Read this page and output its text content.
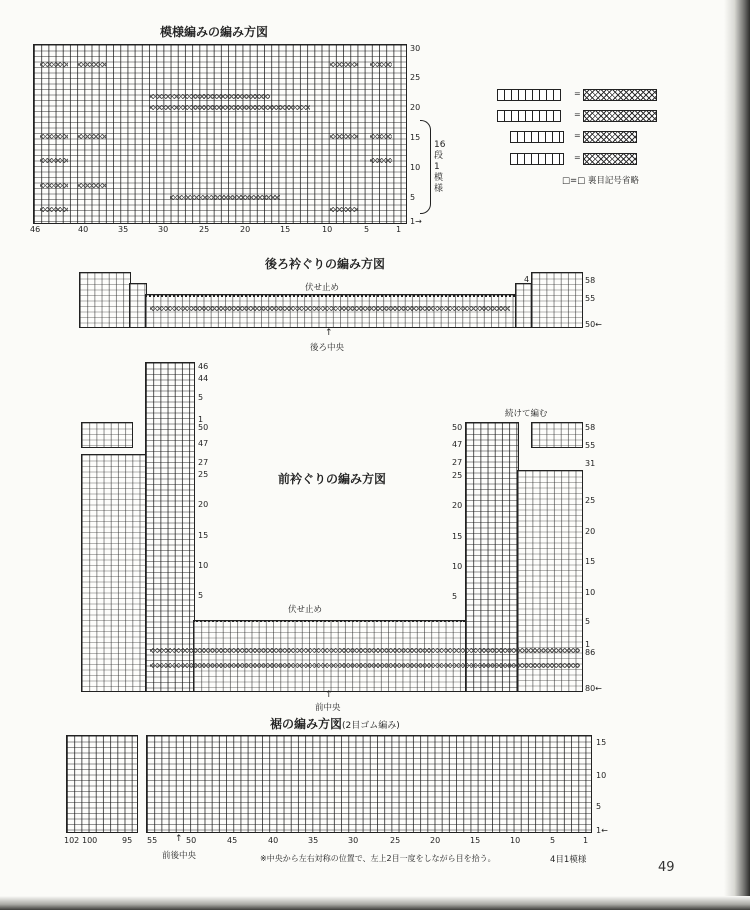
模様編みの編み方図
30
25
20
15
10
5
1→
16段1模様
46	40	35	30	25	20	15	10	5	1
=
=
=
=
□=□ 裏目記号省略
後ろ衿ぐりの編み方図
伏せ止め
↑
後ろ中央
4	58
55
50←
前衿ぐりの編み方図
伏せ止め
↑
前中央
続けて編む
46
44
5
1
50
47
27
25
20
15
10
5
50
47
27
25
20
15
10
5
58
55
31
25
20
15
10
5
1
86
80←
裾の編み方図(2目ゴム編み)
15
10
5
1←
102 100	95 55	50	45	40	35	30	25	20	15	10	5	1
↑
前後中央	※中央から左右対称の位置で、左上2目一度をしながら目を拾う。	4目1模様	49
